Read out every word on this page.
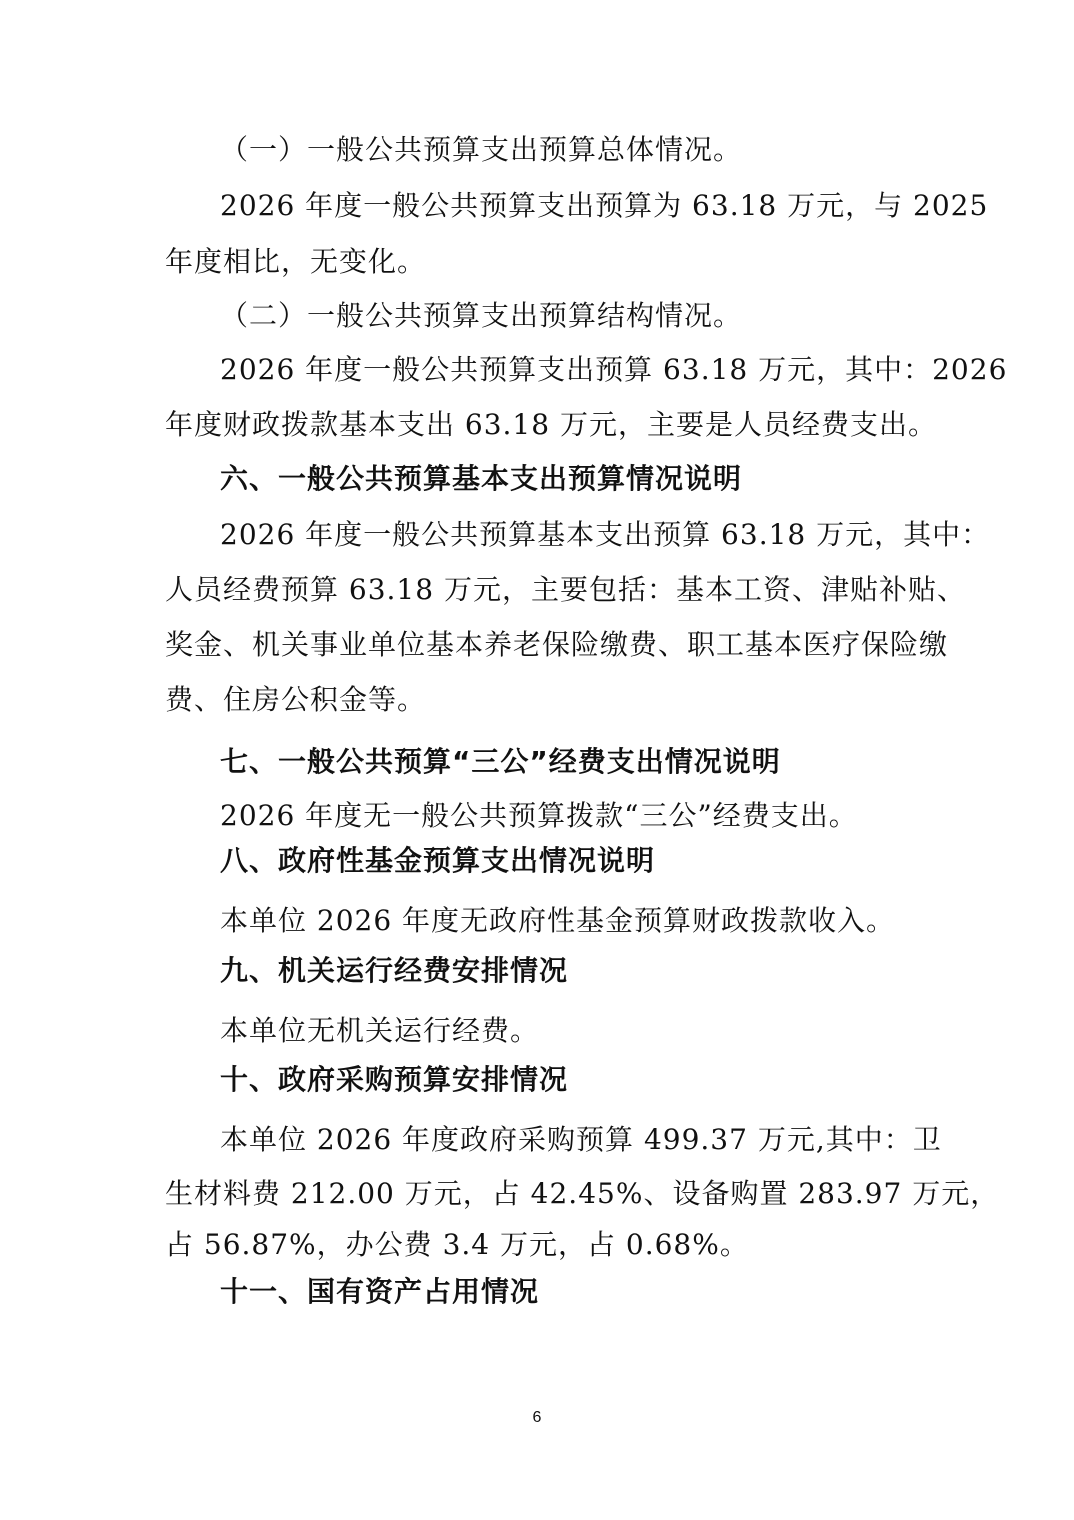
（一）一般公共预算支出预算总体情况。
2026 年度一般公共预算支出预算为 63.18 万元，与 2025
年度相比，无变化。
（二）一般公共预算支出预算结构情况。
2026 年度一般公共预算支出预算 63.18 万元，其中：2026
年度财政拨款基本支出 63.18 万元，主要是人员经费支出。
六、一般公共预算基本支出预算情况说明
2026 年度一般公共预算基本支出预算 63.18 万元，其中：
人员经费预算 63.18 万元，主要包括：基本工资、津贴补贴、
奖金、机关事业单位基本养老保险缴费、职工基本医疗保险缴
费、住房公积金等。
七、一般公共预算“三公”经费支出情况说明
2026 年度无一般公共预算拨款“三公”经费支出。
八、政府性基金预算支出情况说明
本单位 2026 年度无政府性基金预算财政拨款收入。
九、机关运行经费安排情况
本单位无机关运行经费。
十、政府采购预算安排情况
本单位 2026 年度政府采购预算 499.37 万元,其中：卫
生材料费 212.00 万元，占 42.45%、设备购置 283.97 万元，
占 56.87%，办公费 3.4 万元，占 0.68%。
十一、国有资产占用情况
6
